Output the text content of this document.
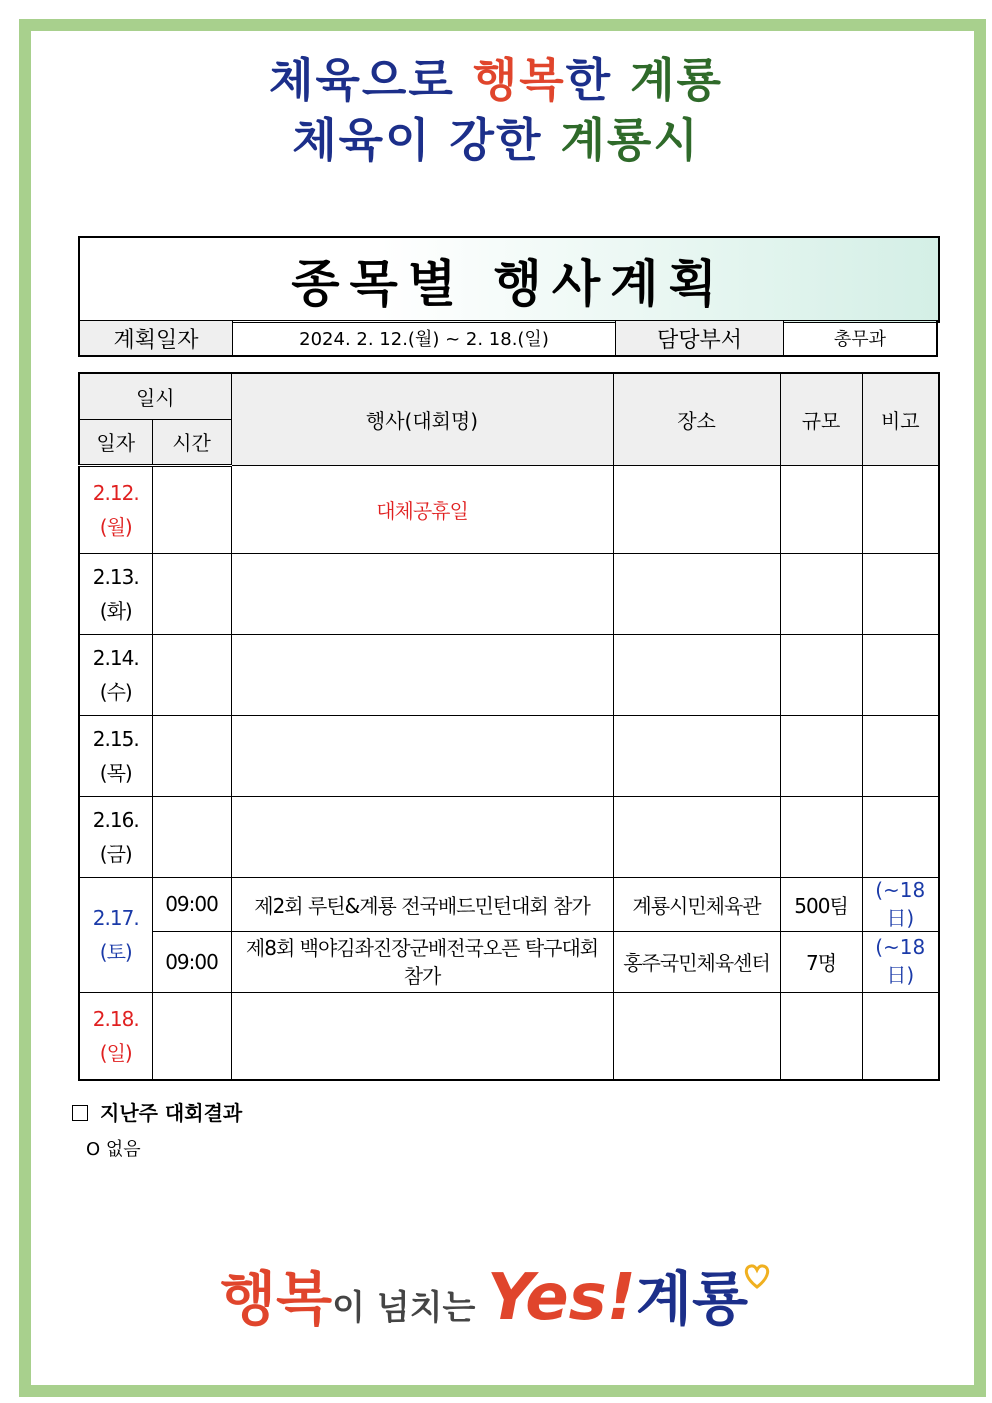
체육으로 행복한 계룡
체육이 강한 계룡시
종목별 행사계획
계획일자	2024. 2. 12.(월) ~ 2. 18.(일)	담당부서	총무과
일시		행사(대회명)	장소	규모	비고
일자	시간				

2.12.
(월)		대체공휴일			

2.13.
(화)					

2.14.
(수)					

2.15.
(목)					

2.16.
(금)					

2.17.
(토)	09:00	제2회 루틴&계룡 전국배드민턴대회 참가	계룡시민체육관	500팀	(~18日)
	09:00	제8회 백야김좌진장군배전국오픈 탁구대회 참가	홍주국민체육센터	7명	(~18日)

2.18.
(일)					

지난주 대회결과
O 없음
행복이 넘치는 Yes!계룡
